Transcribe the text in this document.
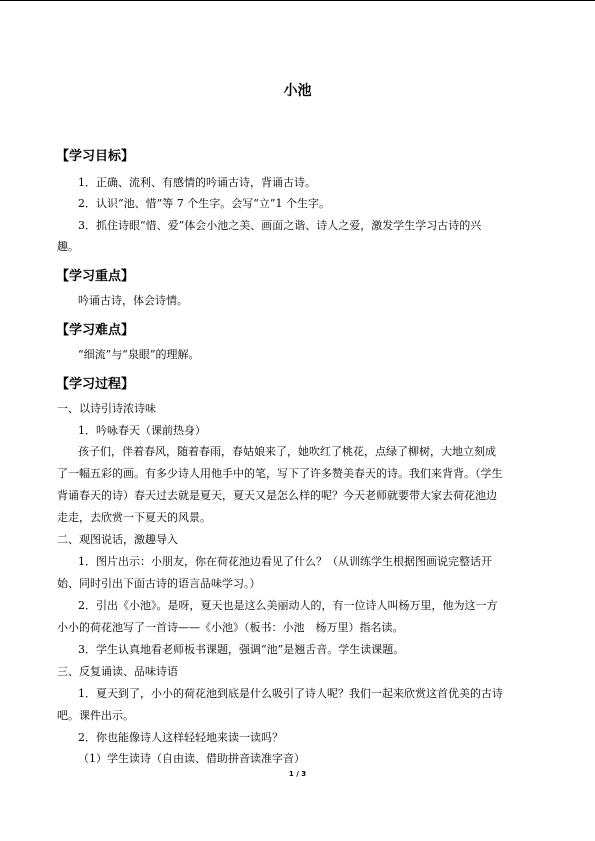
小池
【学习目标】
1．正确、流利、有感情的吟诵古诗，背诵古诗。
2．认识“池、惜”等 7 个生字。会写“立”1 个生字。
3．抓住诗眼“惜、爱”体会小池之美、画面之谐、诗人之爱，激发学生学习古诗的兴
趣。
【学习重点】
吟诵古诗，体会诗情。
【学习难点】
“细流”与“泉眼”的理解。
【学习过程】
一、以诗引诗浓诗味
1．吟咏春天（课前热身）
孩子们，伴着春风，随着春雨，春姑娘来了，她吹红了桃花，点绿了柳树，大地立刻成
了一幅五彩的画。有多少诗人用他手中的笔，写下了许多赞美春天的诗。我们来背背。（学生
背诵春天的诗）春天过去就是夏天，夏天又是怎么样的呢？今天老师就要带大家去荷花池边
走走，去欣赏一下夏天的风景。
二、观图说话，激趣导入
1．图片出示：小朋友，你在荷花池边看见了什么？（从训练学生根据图画说完整话开
始、同时引出下面古诗的语言品味学习。）
2．引出《小池》。是呀，夏天也是这么美丽动人的，有一位诗人叫杨万里，他为这一方
小小的荷花池写了一首诗——《小池》（板书：小池　杨万里）指名读。
3．学生认真地看老师板书课题，强调“池”是翘舌音。学生读课题。
三、反复诵读、品味诗语
1．夏天到了，小小的荷花池到底是什么吸引了诗人呢？我们一起来欣赏这首优美的古诗
吧。课件出示。
2．你也能像诗人这样轻轻地来读一读吗？
（1）学生读诗（自由读、借助拼音读准字音）
1 / 3
